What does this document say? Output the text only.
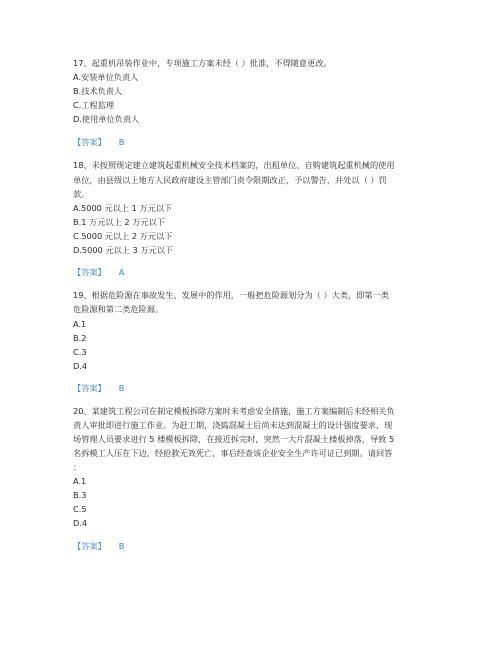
17、起重机吊装作业中，专项施工方案未经（ ）批准，不得随意更改。
A.安装单位负责人
B.技术负责人
C.工程监理
D.使用单位负责人
【答案】 B
18、未按照规定建立建筑起重机械安全技术档案的，出租单位、自购建筑起重机械的使用
单位，由县级以上地方人民政府建设主管部门责令限期改正，予以警告，并处以（ ）罚
款。
A.5000 元以上 1 万元以下
B.1 万元以上 2 万元以下
C.5000 元以上 2 万元以下
D.5000 元以上 3 万元以下
【答案】 A
19、根据危险源在事故发生、发展中的作用，一般把危险源划分为（ ）大类，即第一类
危险源和第二类危险源。
A.1
B.2
C.3
D.4
【答案】 B
20、某建筑工程公司在制定模板拆除方案时未考虑安全措施，施工方案编制后未经相关负
责人审批即进行施工作业。为赶工期，浇捣混凝土后尚未达到混凝土的设计强度要求，现
场管理人员要求进行 5 楼模板拆除，在接近拆完时，突然一大片混凝土楼板掉落，导致 5
名拆模工人压在下边，经抢救无效死亡，事后经查该企业安全生产许可证已到期。请回答
：
A.1
B.3
C.5
D.4
【答案】 B
